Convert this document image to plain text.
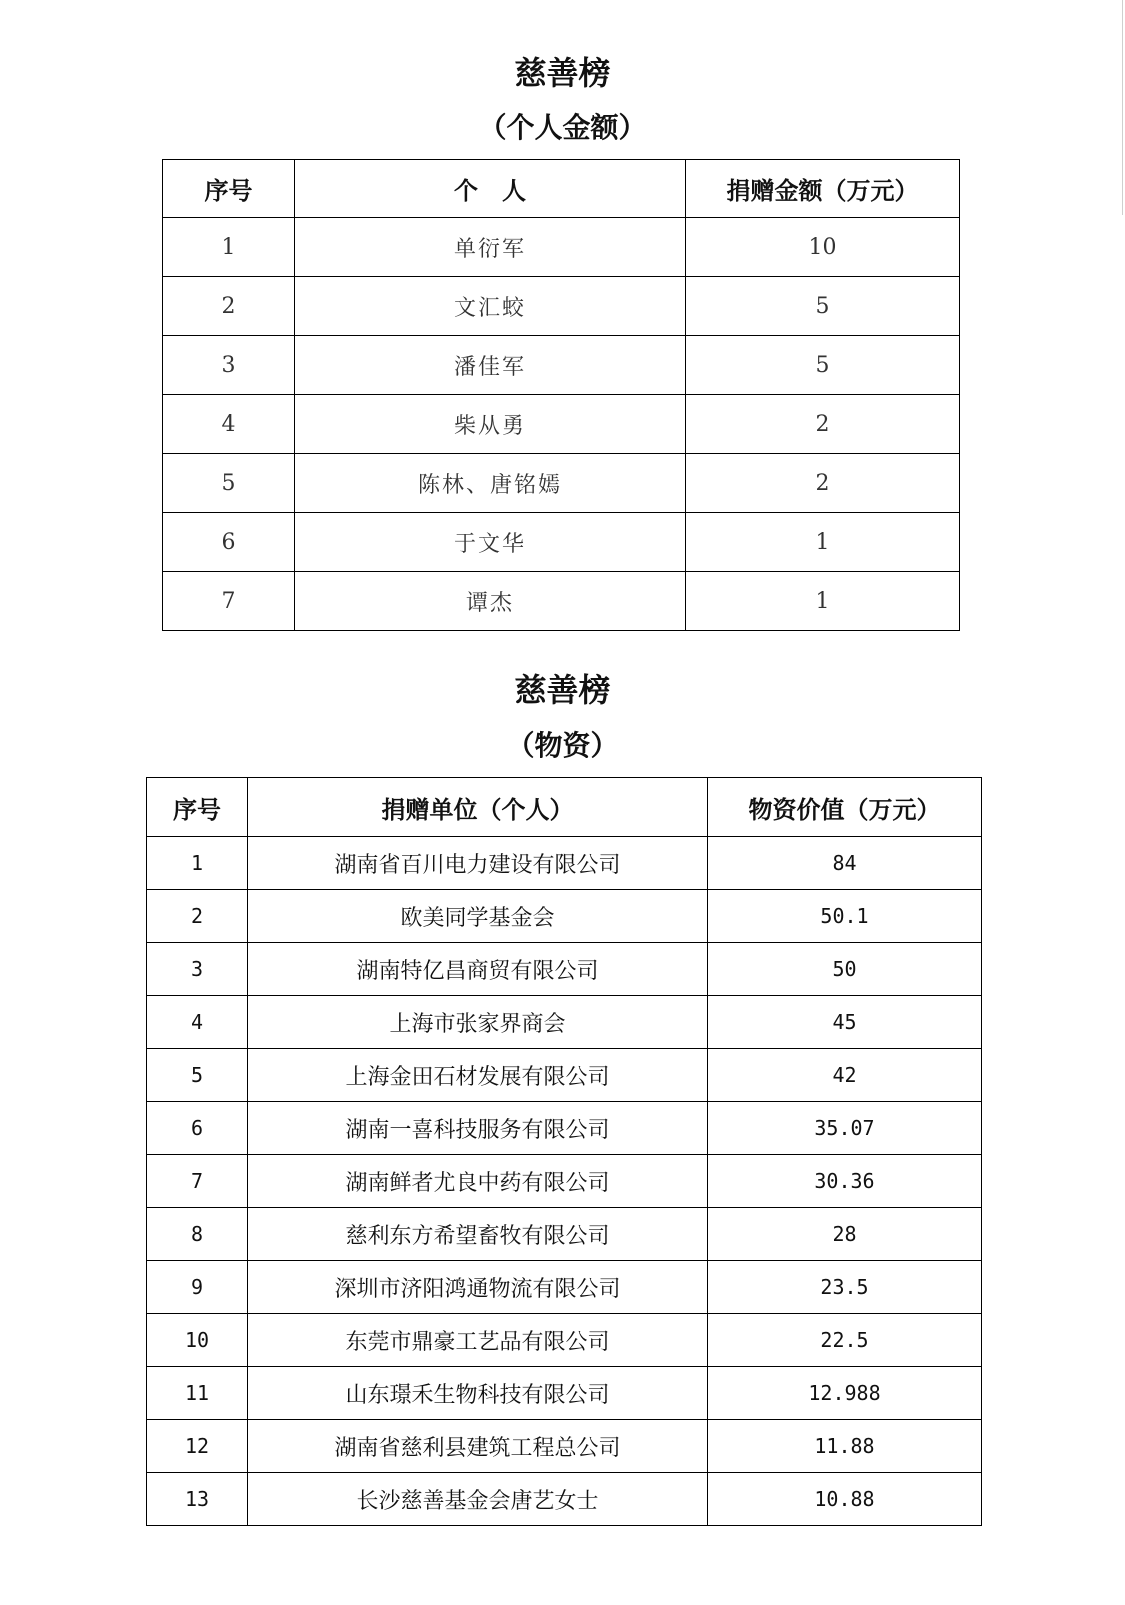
慈善榜
（个人金额）
序号	个　人	捐赠金额（万元）
1	单衍军	10
2	文汇蛟	5
3	潘佳军	5
4	柴从勇	2
5	陈林、唐铭嫣	2
6	于文华	1
7	谭杰	1
慈善榜
（物资）
序号	捐赠单位（个人）	物资价值（万元）
1	湖南省百川电力建设有限公司	84
2	欧美同学基金会	50.1
3	湖南特亿昌商贸有限公司	50
4	上海市张家界商会	45
5	上海金田石材发展有限公司	42
6	湖南一喜科技服务有限公司	35.07
7	湖南鲜者尤良中药有限公司	30.36
8	慈利东方希望畜牧有限公司	28
9	深圳市济阳鸿通物流有限公司	23.5
10	东莞市鼎豪工艺品有限公司	22.5
11	山东璟禾生物科技有限公司	12.988
12	湖南省慈利县建筑工程总公司	11.88
13	长沙慈善基金会唐艺女士	10.88
